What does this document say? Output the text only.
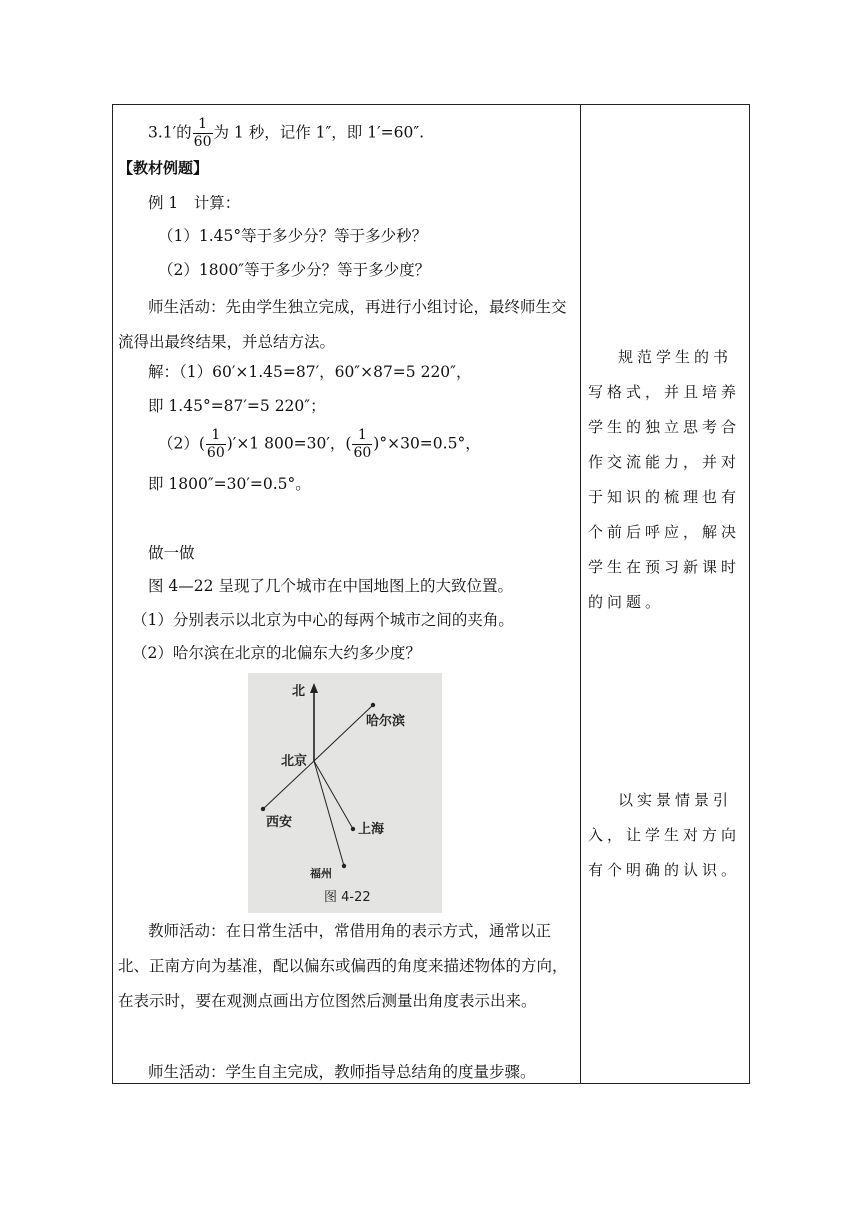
3.1′的 $\frac{1}{60}$ 为 1 秒，记作 1″，即 1′=60″.
【教材例题】
例 1　计算：
（1）1.45°等于多少分？等于多少秒？
（2）1800″等于多少分？等于多少度？
师生活动：先由学生独立完成，再进行小组讨论，最终师生交流得出最终结果，并总结方法。
解：（1）60′×1.45=87′，60″×87=5 220″，
即 1.45°=87′=5 220″；
$(2)( \frac{1}{60} )'\times 1$ 800=30′，( $\frac{1}{60} )^\circ\times 30=0.5^\circ$，
即 1800″=30′=0.5°。
做一做
图 4—22 呈现了几个城市在中国地图上的大致位置。
（1）分别表示以北京为中心的每两个城市之间的夹角。
（2）哈尔滨在北京的北偏东大约多少度？
教师活动：在日常生活中，常借用角的表示方式，通常以正北、正南方向为基准，配以偏东或偏西的角度来描述物体的方向，在表示时，要在观测点画出方位图然后测量出角度表示出来。
师生活动：学生自主完成，教师指导总结角的度量步骤。
北
哈尔滨
北京
西安	上海
福州
图 4-22
规范学生的书写格式，并且培养学生的独立思考合作交流能力，并对于知识的梳理也有个前后呼应，解决学生在预习新课时的问题。
以实景情景引入，让学生对方向有个明确的认识。
